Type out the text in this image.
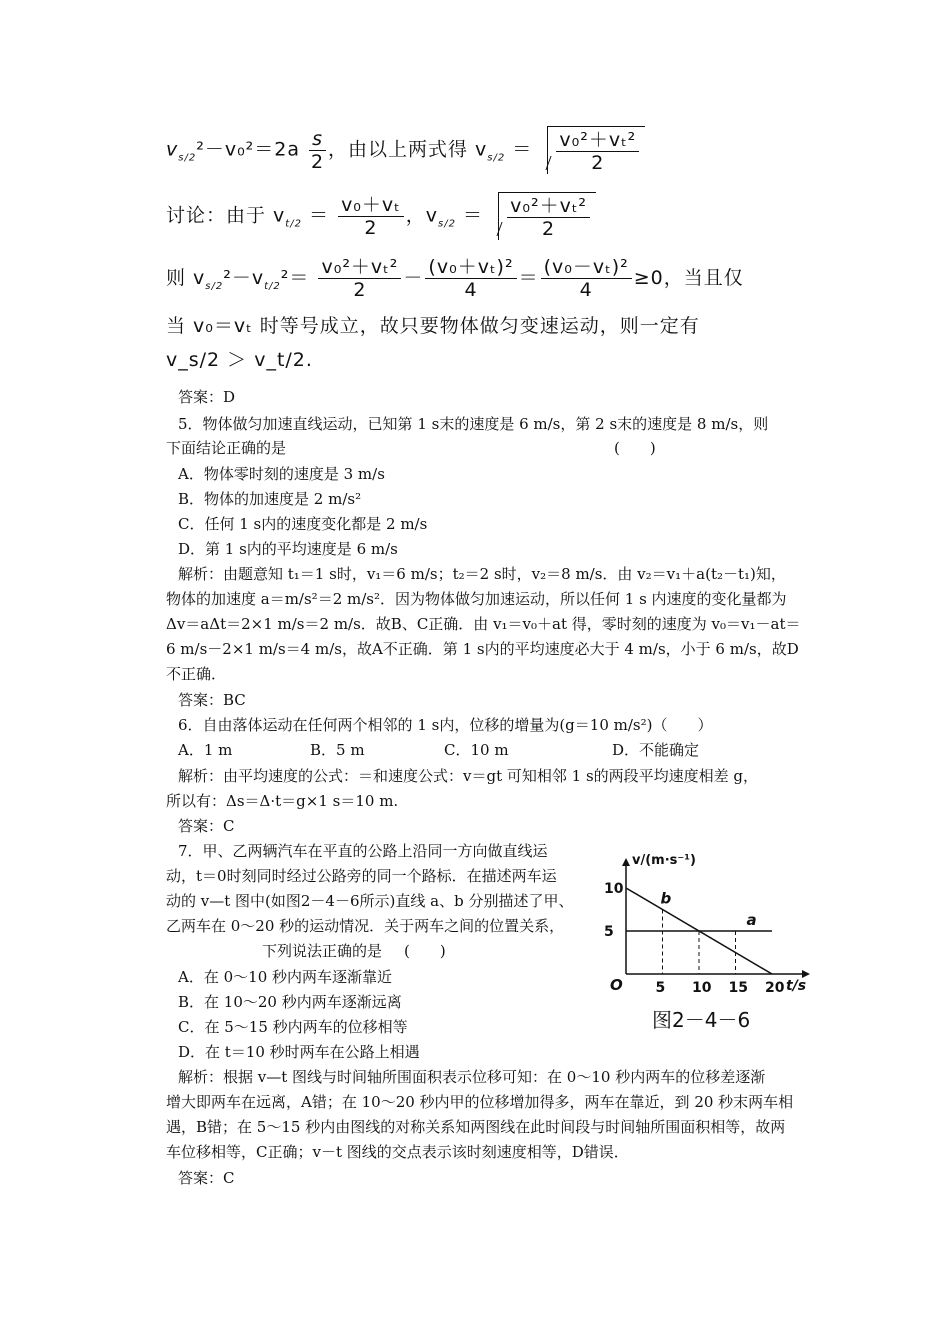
$v_{s/2}^2-v_0^2=2a \frac{s}{2}$ ，由以上两式得 $v_{s/2} = \frac{\text{v₀²＋vₜ²}}{2}$
讨论：由于 $v_{t/2} = \frac{\text{v₀＋vₜ}}{2}$ ，$v_{s/2} = \frac{\text{v₀²＋vₜ²}}{2}$
则 $v_{s/2}^2-v_{t/2}^2= \frac{\text{v₀²＋vₜ²}}{2} - \frac{\text{(v₀＋vₜ)²}}{4} = \frac{\text{(v₀－vₜ)²}}{4} \ge 0$，当且仅
当 v₀＝vₜ 时等号成立，故只要物体做匀变速运动，则一定有
v_s/2 ＞ v_t/2.
答案：D
5．物体做匀加速直线运动，已知第 1 s末的速度是 6 m/s，第 2 s末的速度是 8 m/s，则
下面结论正确的是	(　　)
A．物体零时刻的速度是 3 m/s
B．物体的加速度是 2 m/s²
C．任何 1 s内的速度变化都是 2 m/s
D．第 1 s内的平均速度是 6 m/s
解析：由题意知 t₁＝1 s时，v₁＝6 m/s；t₂＝2 s时，v₂＝8 m/s．由 v₂＝v₁＋a(t₂－t₁)知，
物体的加速度 a＝m/s²＝2 m/s²．因为物体做匀加速运动，所以任何 1 s 内速度的变化量都为
Δv＝aΔt＝2×1 m/s＝2 m/s．故B、C正确．由 v₁＝v₀＋at 得，零时刻的速度为 v₀＝v₁－at＝
6 m/s－2×1 m/s＝4 m/s，故A不正确．第 1 s内的平均速度必大于 4 m/s，小于 6 m/s，故D
不正确．
答案：BC
6．自由落体运动在任何两个相邻的 1 s内，位移的增量为(g＝10 m/s²)（　　）
A．1 m	B．5 m	C．10 m	D．不能确定
解析：由平均速度的公式：＝和速度公式：v＝gt 可知相邻 1 s的两段平均速度相差 g，
所以有：Δs＝Δ·t＝g×1 s＝10 m.
答案：C
7．甲、乙两辆汽车在平直的公路上沿同一方向做直线运
动，t＝0时刻同时经过公路旁的同一个路标．在描述两车运
动的 v—t 图中(如图2－4－6所示)直线 a、b 分别描述了甲、
乙两车在 0～20 秒的运动情况．关于两车之间的位置关系，
下列说法正确的是 (　　)
A．在 0～10 秒内两车逐渐靠近
B．在 10～20 秒内两车逐渐远离
C．在 5～15 秒内两车的位移相等
D．在 t＝10 秒时两车在公路上相遇
解析：根据 v—t 图线与时间轴所围面积表示位移可知：在 0～10 秒内两车的位移差逐渐
增大即两车在远离，A错；在 10～20 秒内甲的位移增加得多，两车在靠近，到 20 秒末两车相
遇，B错；在 5～15 秒内由图线的对称关系知两图线在此时间段与时间轴所围面积相等，故两
车位移相等，C正确；v－t 图线的交点表示该时刻速度相等，D错误．
答案：C
v/(m·s⁻¹)
t/s
O 5 10 15 20
10
5
b
a
图2－4－6
